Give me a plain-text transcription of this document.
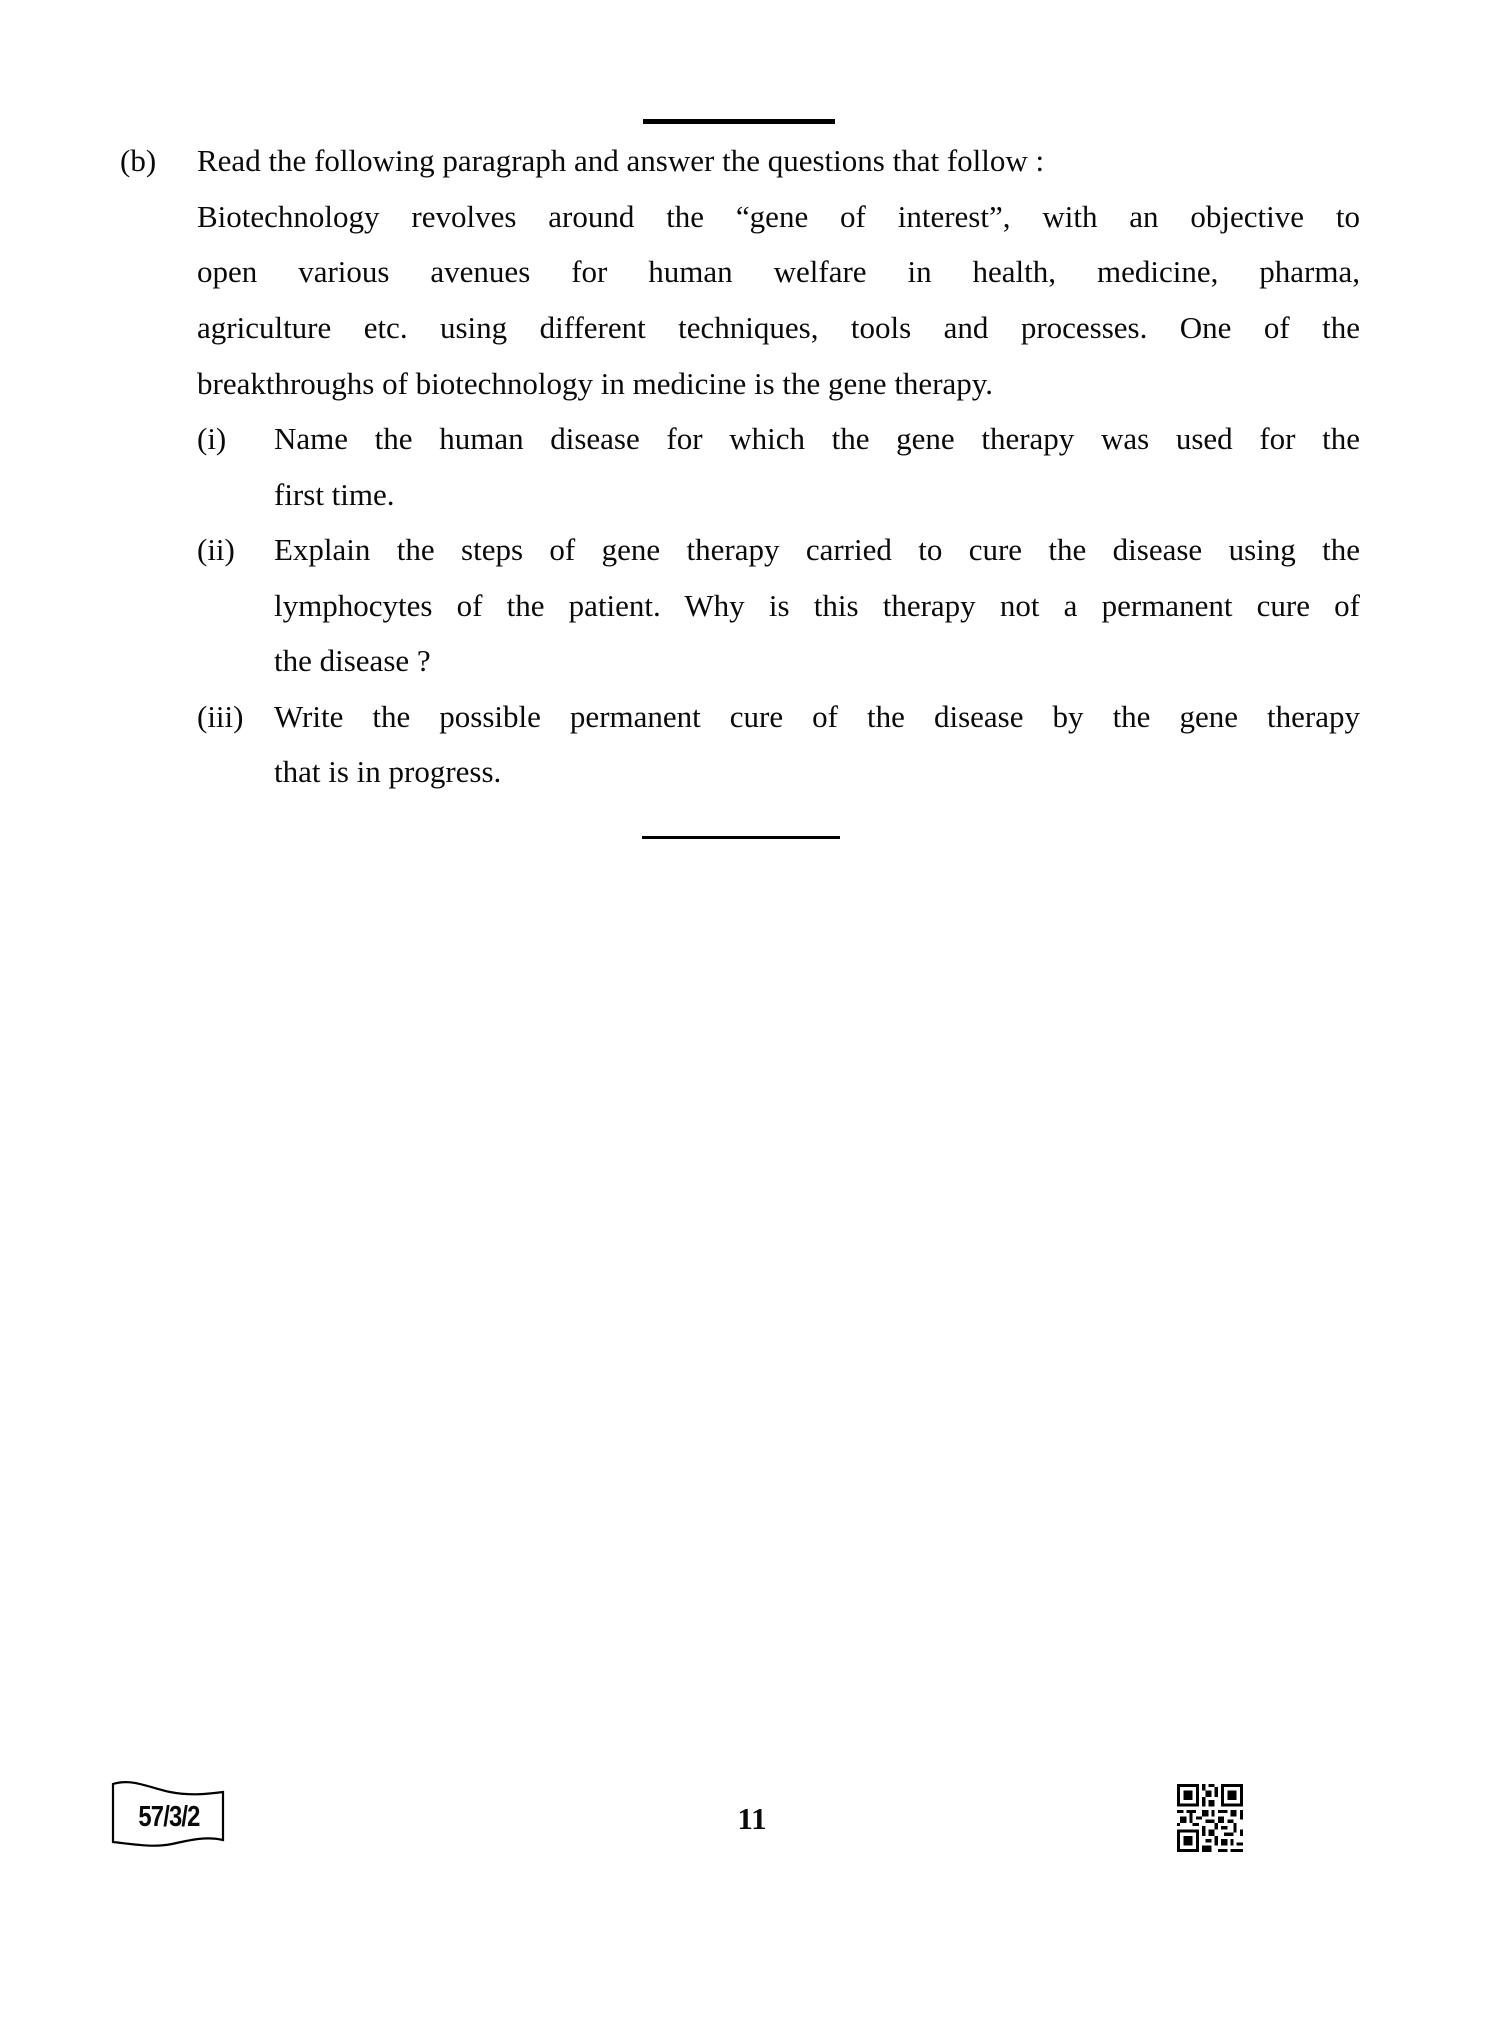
(b) Read the following paragraph and answer the questions that follow :
Biotechnology revolves around the “gene of interest”, with an objective to
open various avenues for human welfare in health, medicine, pharma,
agriculture etc. using different techniques, tools and processes. One of the
breakthroughs of biotechnology in medicine is the gene therapy.
(i) Name the human disease for which the gene therapy was used for the
first time.
(ii) Explain the steps of gene therapy carried to cure the disease using the
lymphocytes of the patient. Why is this therapy not a permanent cure of
the disease ?
(iii) Write the possible permanent cure of the disease by the gene therapy
that is in progress.
57/3/2	11
